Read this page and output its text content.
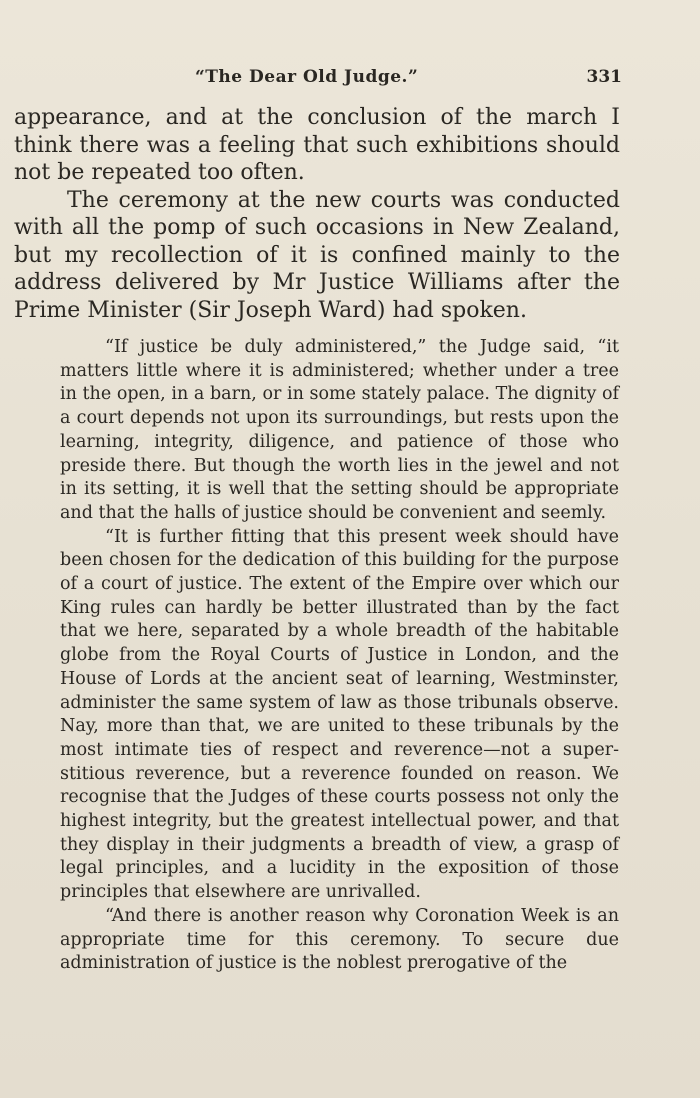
“The Dear Old Judge.”	331

appearance, and at the conclusion of the march I think there was a feeling that such exhibitions should not be repeated too often.

The ceremony at the new courts was conducted with all the pomp of such occasions in New Zealand, but my recollection of it is confined mainly to the address delivered by Mr Justice Williams after the Prime Minister (Sir Joseph Ward) had spoken.

“If justice be duly administered,” the Judge said, “it matters little where it is administered; whether under a tree in the open, in a barn, or in some stately palace. The dignity of a court depends not upon its surroundings, but rests upon the learning, integrity, diligence, and patience of those who preside there. But though the worth lies in the jewel and not in its setting, it is well that the setting should be appropriate and that the halls of justice should be convenient and seemly.

“It is further fitting that this present week should have been chosen for the dedication of this building for the purpose of a court of justice. The extent of the Empire over which our King rules can hardly be better illustrated than by the fact that we here, separated by a whole breadth of the habitable globe from the Royal Courts of Justice in London, and the House of Lords at the ancient seat of learning, Westminster, administer the same system of law as those tribunals observe. Nay, more than that, we are united to these tribunals by the most intimate ties of respect and reverence—not a super-stitious reverence, but a reverence founded on reason. We recognise that the Judges of these courts possess not only the highest integrity, but the greatest intellectual power, and that they display in their judgments a breadth of view, a grasp of legal principles, and a lucidity in the exposition of those principles that elsewhere are unrivalled.

“And there is another reason why Coronation Week is an appropriate time for this ceremony. To secure due administration of justice is the noblest prerogative of the
